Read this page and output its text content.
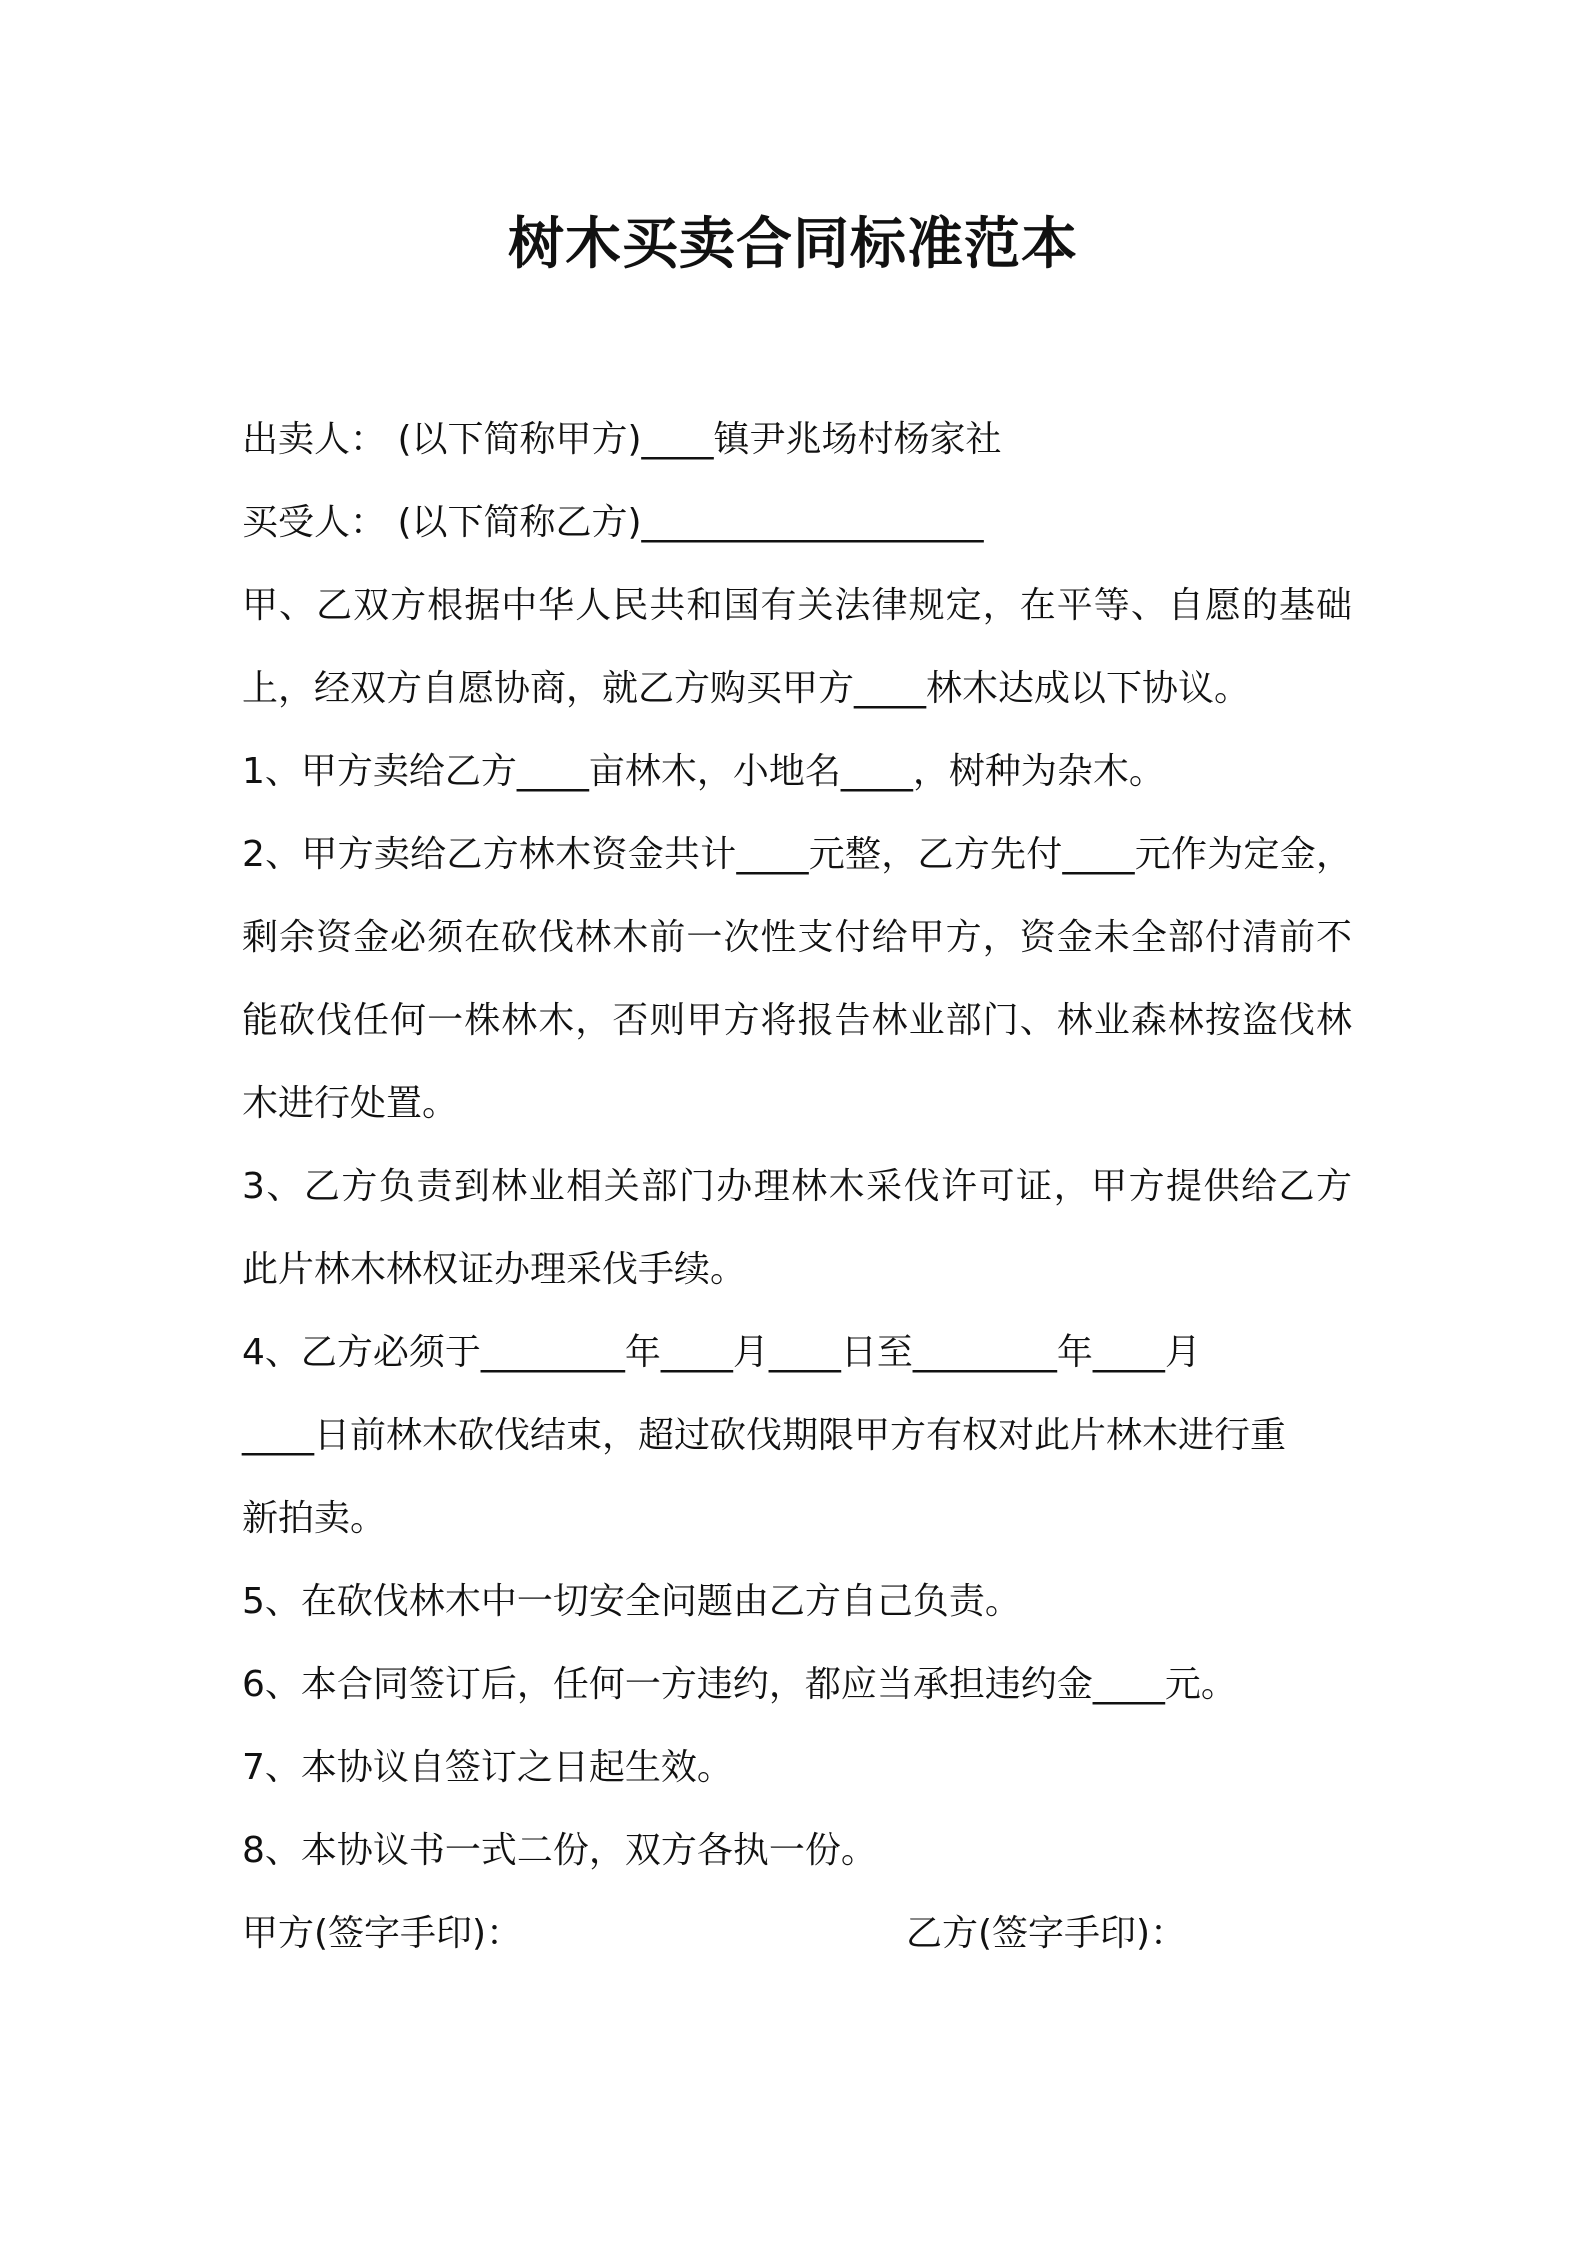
树木买卖合同标准范本

出卖人： (以下简称甲方)____镇尹兆场村杨家社

买受人： (以下简称乙方)___________________

甲、乙双方根据中华人民共和国有关法律规定，在平等、自愿的基础

上，经双方自愿协商，就乙方购买甲方____林木达成以下协议。

1、甲方卖给乙方____亩林木，小地名____，树种为杂木。

2、甲方卖给乙方林木资金共计____元整，乙方先付____元作为定金，

剩余资金必须在砍伐林木前一次性支付给甲方，资金未全部付清前不

能砍伐任何一株林木，否则甲方将报告林业部门、林业森林按盗伐林

木进行处置。

3、乙方负责到林业相关部门办理林木采伐许可证，甲方提供给乙方

此片林木林权证办理采伐手续。

4、乙方必须于________年____月____日至________年____月

____日前林木砍伐结束，超过砍伐期限甲方有权对此片林木进行重

新拍卖。

5、在砍伐林木中一切安全问题由乙方自己负责。

6、本合同签订后，任何一方违约，都应当承担违约金____元。

7、本协议自签订之日起生效。

8、本协议书一式二份，双方各执一份。

甲方(签字手印)：	乙方(签字手印)：
